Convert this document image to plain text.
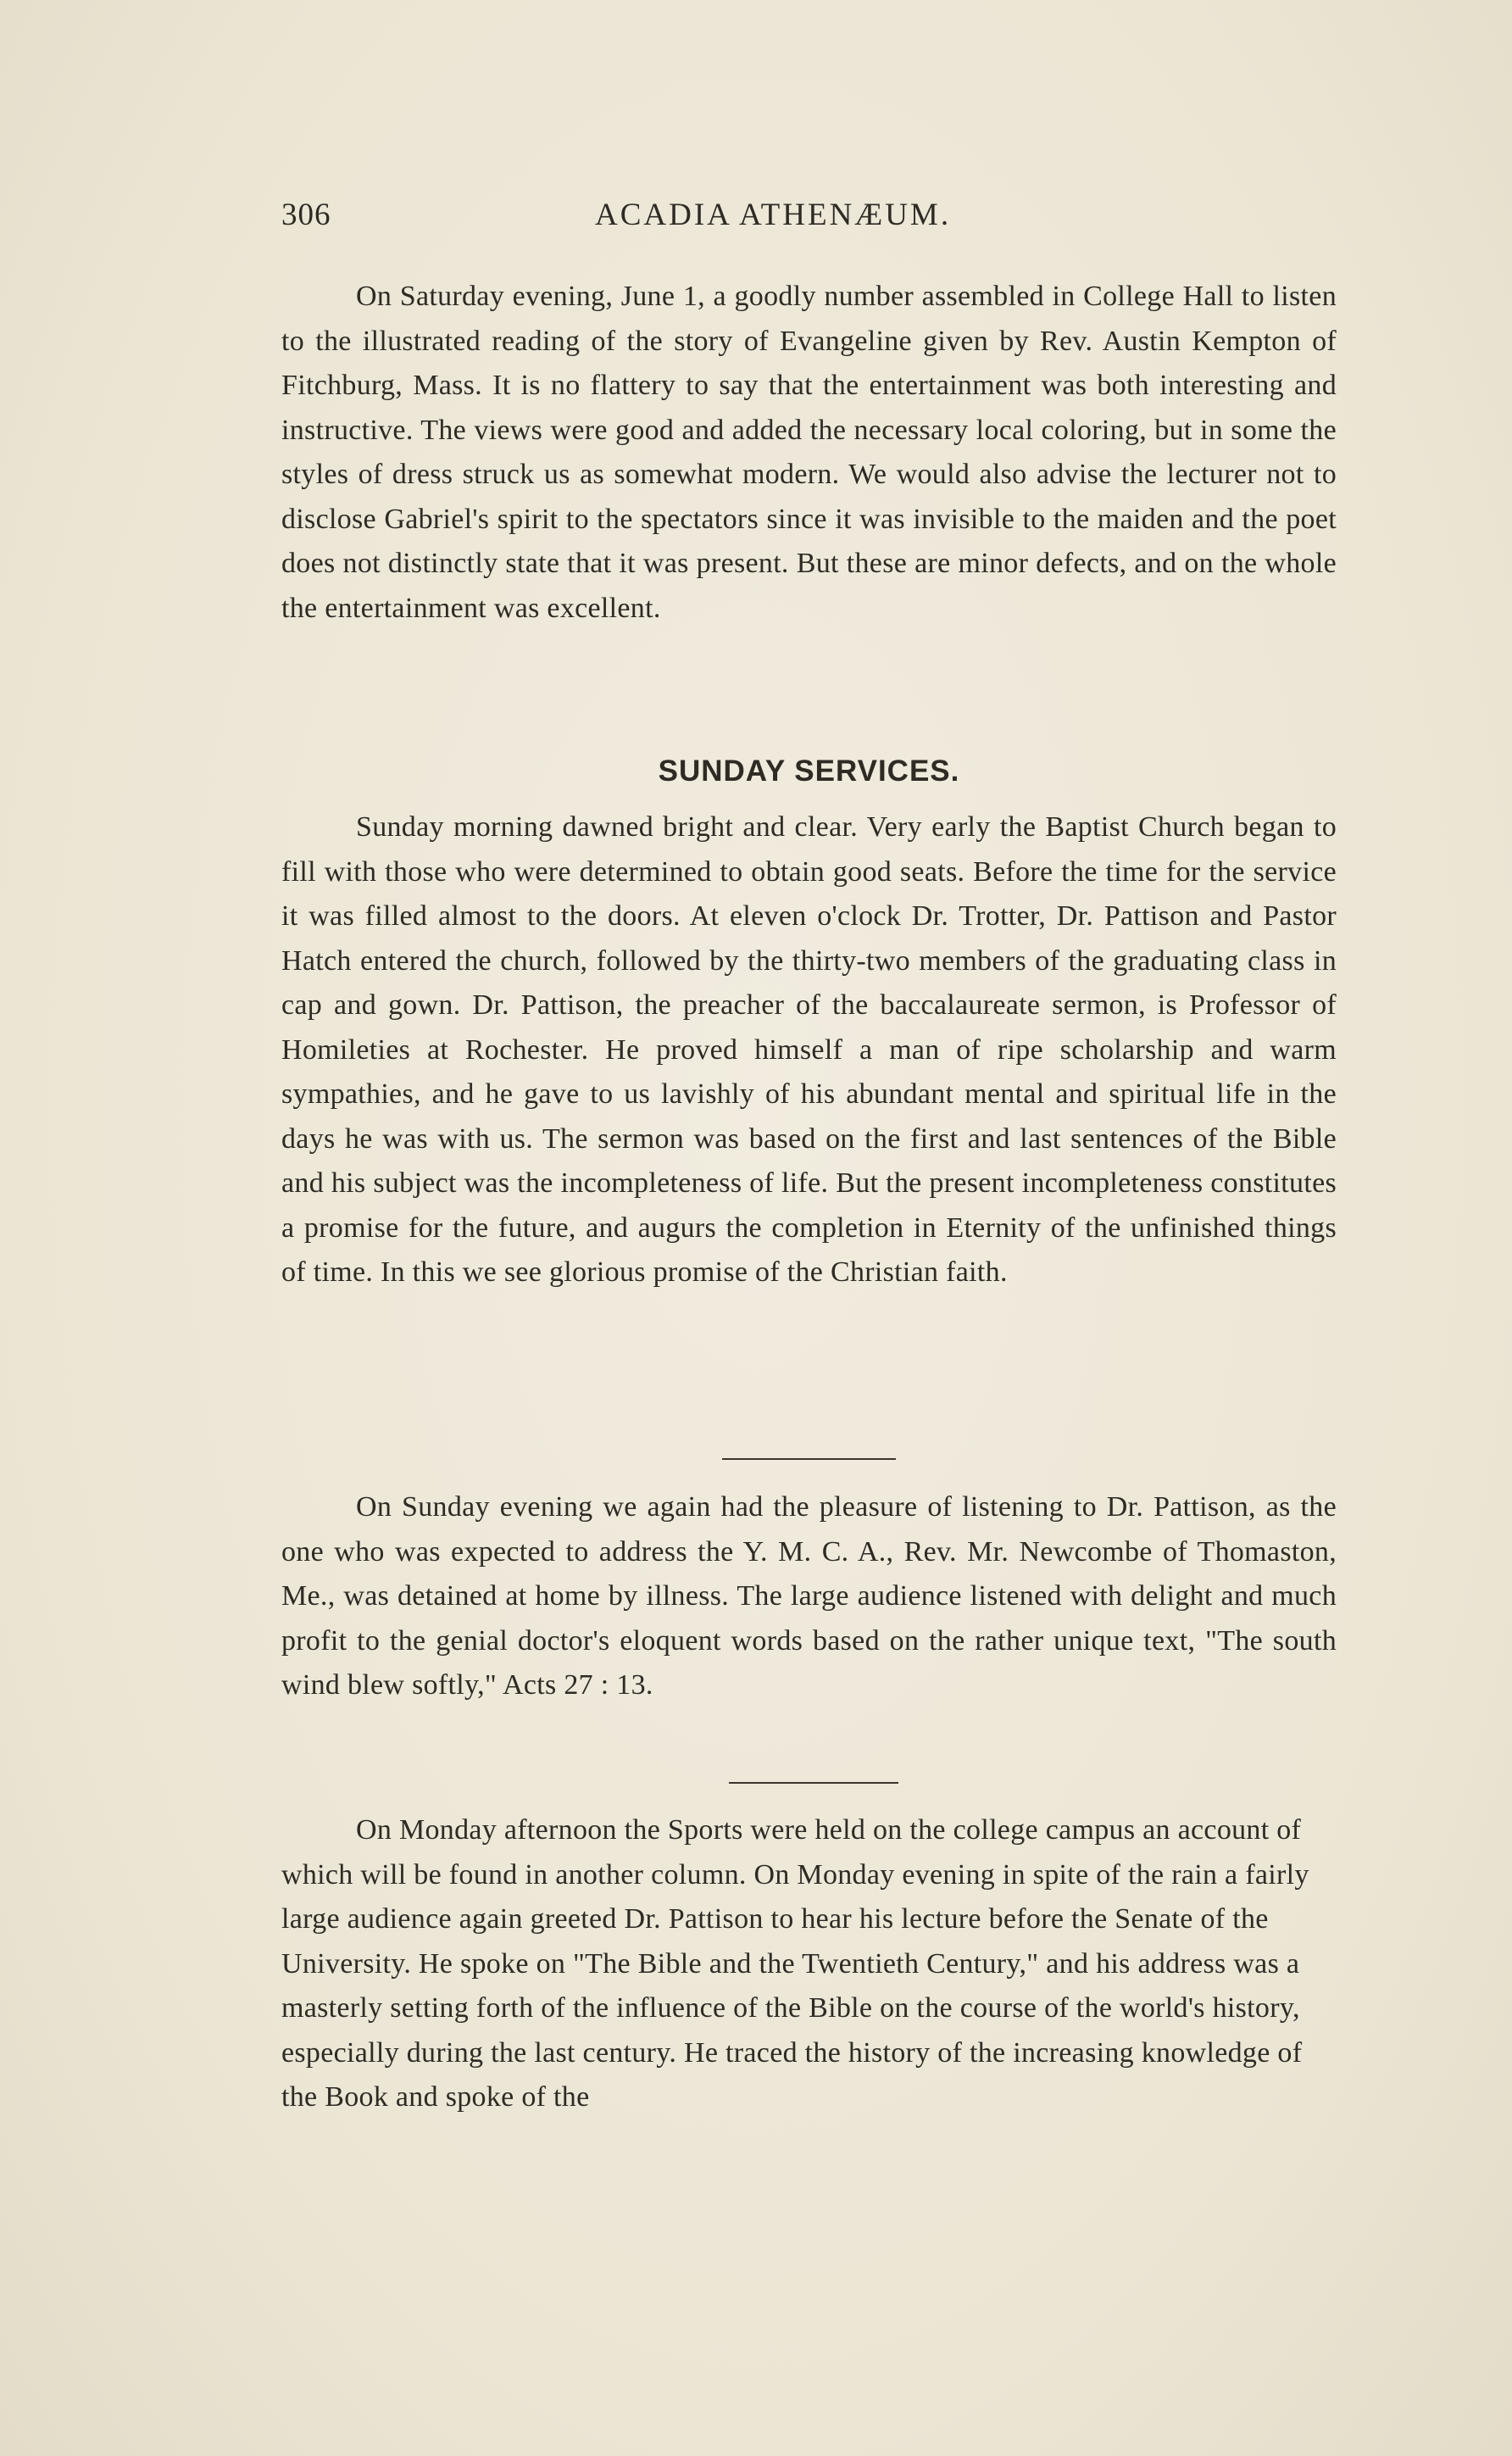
306	ACADIA ATHENÆUM.

On Saturday evening, June 1, a goodly number assembled in College Hall to listen to the illustrated reading of the story of Evangeline given by Rev. Austin Kempton of Fitchburg, Mass. It is no flattery to say that the entertainment was both interesting and instructive. The views were good and added the necessary local coloring, but in some the styles of dress struck us as somewhat modern. We would also advise the lecturer not to disclose Gabriel's spirit to the spectators since it was invisible to the maiden and the poet does not distinctly state that it was present. But these are minor defects, and on the whole the entertainment was excellent.

SUNDAY SERVICES.

Sunday morning dawned bright and clear. Very early the Baptist Church began to fill with those who were determined to obtain good seats. Before the time for the service it was filled almost to the doors. At eleven o'clock Dr. Trotter, Dr. Pattison and Pastor Hatch entered the church, followed by the thirty-two members of the graduating class in cap and gown. Dr. Pattison, the preacher of the baccalaureate sermon, is Professor of Homileties at Rochester. He proved himself a man of ripe scholarship and warm sympathies, and he gave to us lavishly of his abundant mental and spiritual life in the days he was with us. The sermon was based on the first and last sentences of the Bible and his subject was the incompleteness of life. But the present incompleteness constitutes a promise for the future, and augurs the completion in Eternity of the unfinished things of time. In this we see glorious promise of the Christian faith.

On Sunday evening we again had the pleasure of listening to Dr. Pattison, as the one who was expected to address the Y. M. C. A., Rev. Mr. Newcombe of Thomaston, Me., was detained at home by illness. The large audience listened with delight and much profit to the genial doctor's eloquent words based on the rather unique text, "The south wind blew softly," Acts 27 : 13.

On Monday afternoon the Sports were held on the college campus an account of which will be found in another column. On Monday evening in spite of the rain a fairly large audience again greeted Dr. Pattison to hear his lecture before the Senate of the University. He spoke on "The Bible and the Twentieth Century," and his address was a masterly setting forth of the influence of the Bible on the course of the world's history, especially during the last century. He traced the history of the increasing knowledge of the Book and spoke of the
